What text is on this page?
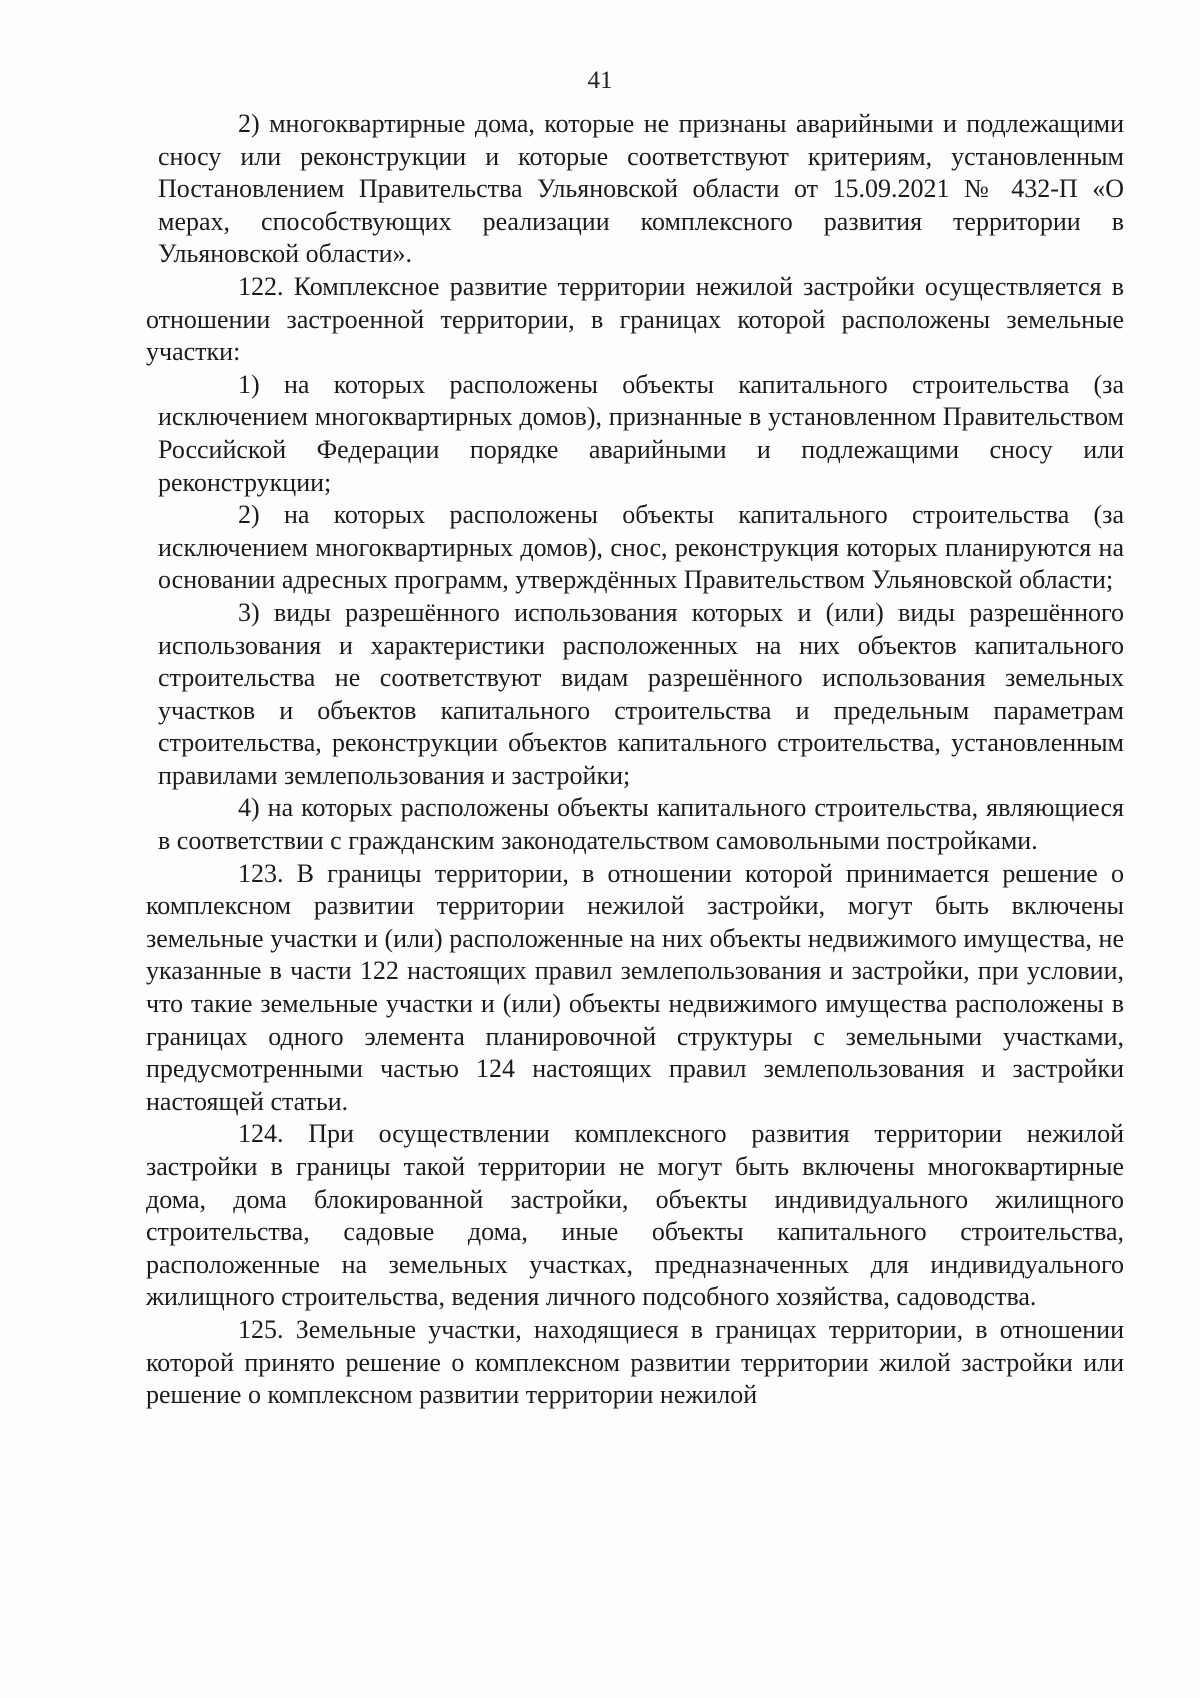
41

2) многоквартирные дома, которые не признаны аварийными и подлежащими сносу или реконструкции и которые соответствуют критериям, установленным Постановлением Правительства Ульяновской области от 15.09.2021 № 432-П «О мерах, способствующих реализации комплексного развития территории в Ульяновской области».

122. Комплексное развитие территории нежилой застройки осуществляется в отношении застроенной территории, в границах которой расположены земельные участки:

1) на которых расположены объекты капитального строительства (за исключением многоквартирных домов), признанные в установленном Правительством Российской Федерации порядке аварийными и подлежащими сносу или реконструкции;

2) на которых расположены объекты капитального строительства (за исключением многоквартирных домов), снос, реконструкция которых планируются на основании адресных программ, утверждённых Правительством Ульяновской области;

3) виды разрешённого использования которых и (или) виды разрешённого использования и характеристики расположенных на них объектов капитального строительства не соответствуют видам разрешённого использования земельных участков и объектов капитального строительства и предельным параметрам строительства, реконструкции объектов капитального строительства, установленным правилами землепользования и застройки;

4) на которых расположены объекты капитального строительства, являющиеся в соответствии с гражданским законодательством самовольными постройками.

123. В границы территории, в отношении которой принимается решение о комплексном развитии территории нежилой застройки, могут быть включены земельные участки и (или) расположенные на них объекты недвижимого имущества, не указанные в части 122 настоящих правил землепользования и застройки, при условии, что такие земельные участки и (или) объекты недвижимого имущества расположены в границах одного элемента планировочной структуры с земельными участками, предусмотренными частью 124 настоящих правил землепользования и застройки настоящей статьи.

124. При осуществлении комплексного развития территории нежилой застройки в границы такой территории не могут быть включены многоквартирные дома, дома блокированной застройки, объекты индивидуального жилищного строительства, садовые дома, иные объекты капитального строительства, расположенные на земельных участках, предназначенных для индивидуального жилищного строительства, ведения личного подсобного хозяйства, садоводства.

125. Земельные участки, находящиеся в границах территории, в отношении которой принято решение о комплексном развитии территории жилой застройки или решение о комплексном развитии территории нежилой
